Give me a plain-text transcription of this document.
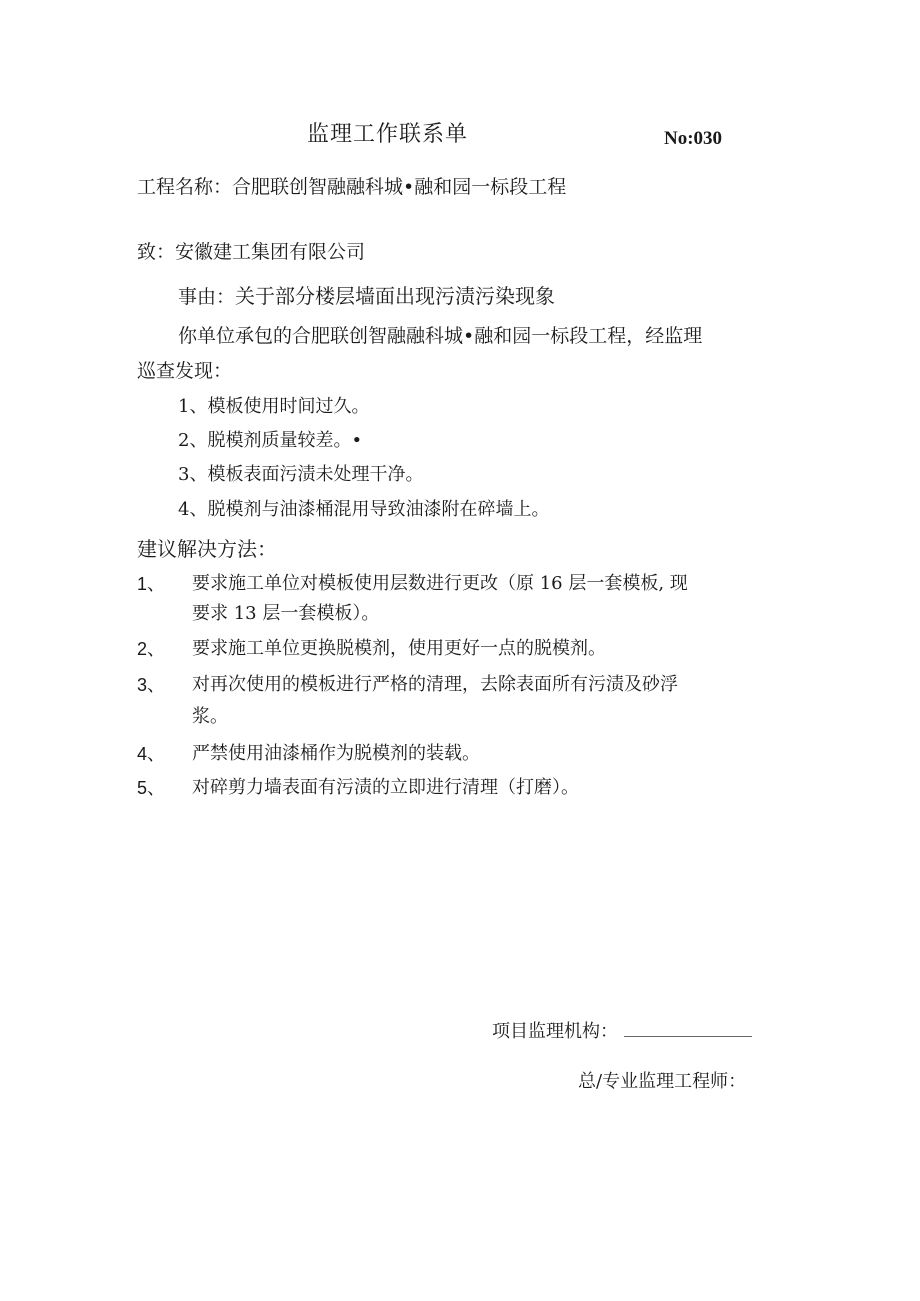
监理工作联系单	No:030
工程名称：合肥联创智融融科城•融和园一标段工程
致：安徽建工集团有限公司
事由：关于部分楼层墙面出现污渍污染现象
你单位承包的合肥联创智融融科城•融和园一标段工程，经监理
巡查发现：
1、模板使用时间过久。
2、脱模剂质量较差。•
3、模板表面污渍未处理干净。
4、脱模剂与油漆桶混用导致油漆附在碎墙上。
建议解决方法：
1、 要求施工单位对模板使用层数进行更改（原 16 层一套模板, 现
要求 13 层一套模板）。
2、 要求施工单位更换脱模剂，使用更好一点的脱模剂。
3、 对再次使用的模板进行严格的清理，去除表面所有污渍及砂浮
浆。
4、 严禁使用油漆桶作为脱模剂的装载。
5、 对碎剪力墙表面有污渍的立即进行清理（打磨）。
项目监理机构：
总/专业监理工程师：
